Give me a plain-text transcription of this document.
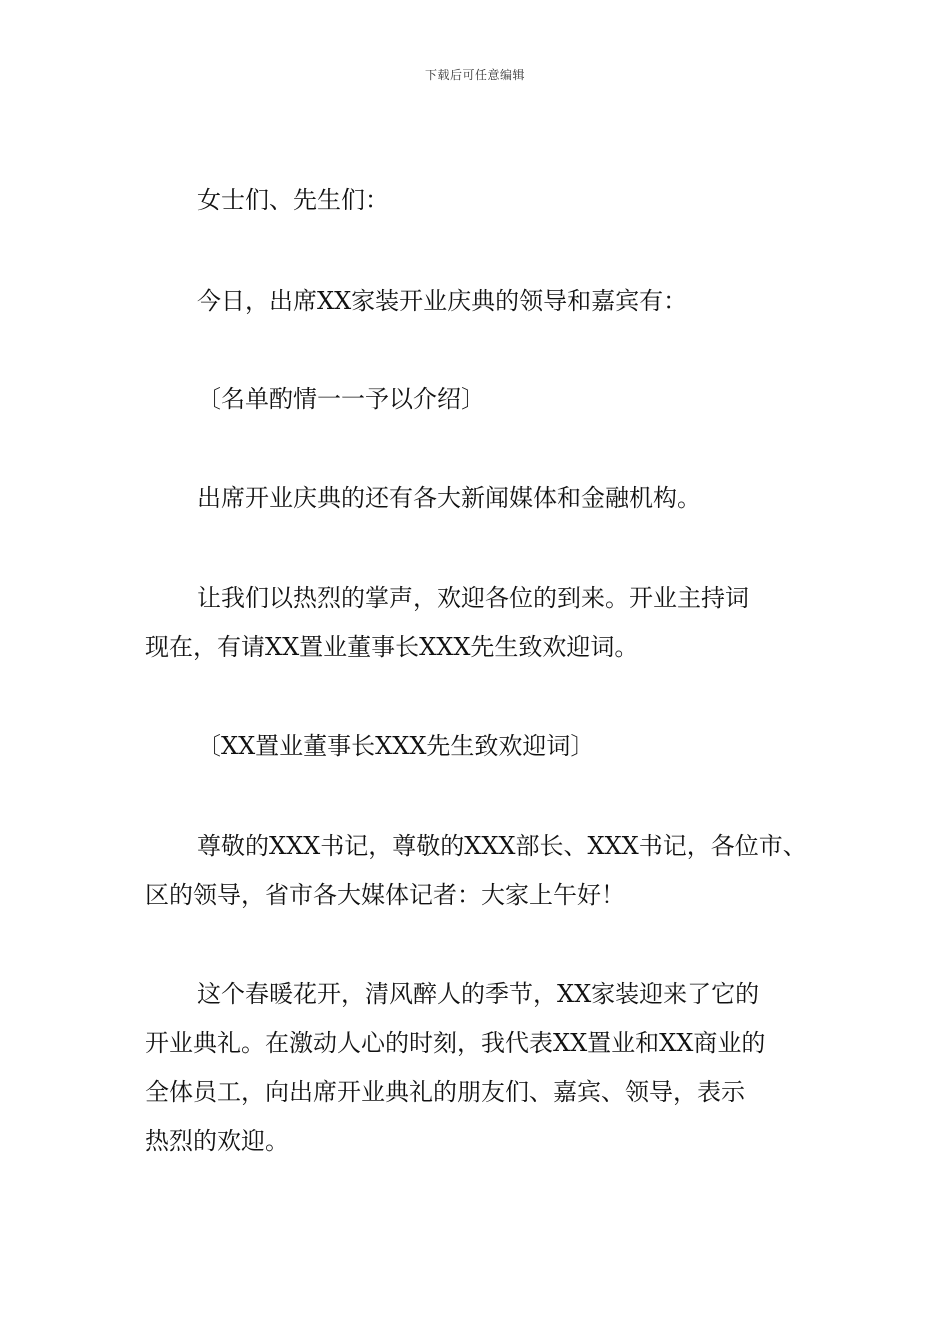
下载后可任意编辑
女士们、先生们：
今日，出席XX家装开业庆典的领导和嘉宾有：
〔名单酌情一一予以介绍〕
出席开业庆典的还有各大新闻媒体和金融机构。
让我们以热烈的掌声，欢迎各位的到来。开业主持词
现在，有请XX置业董事长XXX先生致欢迎词。
〔XX置业董事长XXX先生致欢迎词〕
尊敬的XXX书记，尊敬的XXX部长、XXX书记，各位市、
区的领导，省市各大媒体记者：大家上午好！
这个春暖花开，清风醉人的季节，XX家装迎来了它的
开业典礼。在激动人心的时刻，我代表XX置业和XX商业的
全体员工，向出席开业典礼的朋友们、嘉宾、领导，表示
热烈的欢迎。
